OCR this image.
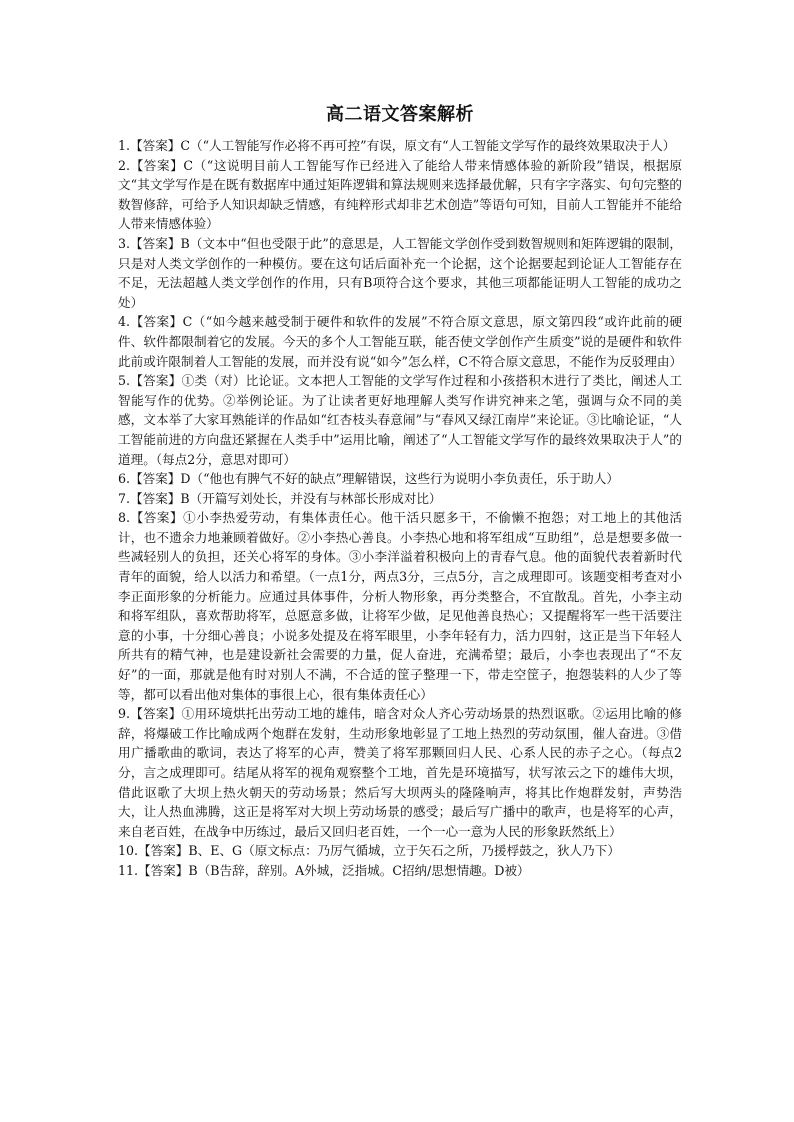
高二语文答案解析

1.【答案】C（“人工智能写作必将不再可控”有误，原文有“人工智能文学写作的最终效果取决于人）

2.【答案】C（“这说明目前人工智能写作已经进入了能给人带来情感体验的新阶段”错误，根据原文“其文学写作是在既有数据库中通过矩阵逻辑和算法规则来选择最优解，只有字字落实、句句完整的数智修辞，可给予人知识却缺乏情感，有纯粹形式却非艺术创造”等语句可知，目前人工智能并不能给人带来情感体验）

3.【答案】B（文本中“但也受限于此”的意思是，人工智能文学创作受到数智规则和矩阵逻辑的限制，只是对人类文学创作的一种模仿。要在这句话后面补充一个论据，这个论据要起到论证人工智能存在不足，无法超越人类文学创作的作用，只有B项符合这个要求，其他三项都能证明人工智能的成功之处）

4.【答案】C（“如今越来越受制于硬件和软件的发展”不符合原文意思，原文第四段“或许此前的硬件、软件都限制着它的发展。今天的多个人工智能互联，能否使文学创作产生质变”说的是硬件和软件此前或许限制着人工智能的发展，而并没有说“如今”怎么样，C不符合原文意思，不能作为反驳理由）

5.【答案】①类（对）比论证。文本把人工智能的文学写作过程和小孩搭积木进行了类比，阐述人工智能写作的优势。②举例论证。为了让读者更好地理解人类写作讲究神来之笔，强调与众不同的美感，文本举了大家耳熟能详的作品如“红杏枝头春意闹”与“春风又绿江南岸”来论证。③比喻论证，“人工智能前进的方向盘还紧握在人类手中”运用比喻，阐述了“人工智能文学写作的最终效果取决于人”的道理。（每点2分，意思对即可）

6.【答案】D（“他也有脾气不好的缺点”理解错误，这些行为说明小李负责任，乐于助人）

7.【答案】B（开篇写刘处长，并没有与林部长形成对比）

8.【答案】①小李热爱劳动，有集体责任心。他干活只愿多干，不偷懒不抱怨；对工地上的其他活计，也不遗余力地兼顾着做好。②小李热心善良。小李热心地和将军组成“互助组”，总是想要多做一些减轻别人的负担，还关心将军的身体。③小李洋溢着积极向上的青春气息。他的面貌代表着新时代青年的面貌，给人以活力和希望。（一点1分，两点3分，三点5分，言之成理即可。该题变相考查对小李正面形象的分析能力。应通过具体事件，分析人物形象，再分类整合，不宜散乱。首先，小李主动和将军组队，喜欢帮助将军，总愿意多做，让将军少做，足见他善良热心；又提醒将军一些干活要注意的小事，十分细心善良；小说多处提及在将军眼里，小李年轻有力，活力四射，这正是当下年轻人所共有的精气神，也是建设新社会需要的力量，促人奋进，充满希望；最后，小李也表现出了“不友好”的一面，那就是他有时对别人不满，不合适的筐子整理一下，带走空筐子，抱怨装料的人少了等等，都可以看出他对集体的事很上心，很有集体责任心）

9.【答案】①用环境烘托出劳动工地的雄伟，暗含对众人齐心劳动场景的热烈讴歌。②运用比喻的修辞，将爆破工作比喻成两个炮群在发射，生动形象地彰显了工地上热烈的劳动氛围，催人奋进。③借用广播歌曲的歌词，表达了将军的心声，赞美了将军那颗回归人民、心系人民的赤子之心。（每点2分，言之成理即可。结尾从将军的视角观察整个工地，首先是环境描写，状写浓云之下的雄伟大坝，借此讴歌了大坝上热火朝天的劳动场景；然后写大坝两头的隆隆响声，将其比作炮群发射，声势浩大，让人热血沸腾，这正是将军对大坝上劳动场景的感受；最后写广播中的歌声，也是将军的心声，来自老百姓，在战争中历练过，最后又回归老百姓，一个一心一意为人民的形象跃然纸上）

10.【答案】B、E、G（原文标点：乃厉气循城，立于矢石之所，乃援桴鼓之，狄人乃下）

11.【答案】B（B告辞，辞别。A外城，泛指城。C招纳/思想情趣。D被）
